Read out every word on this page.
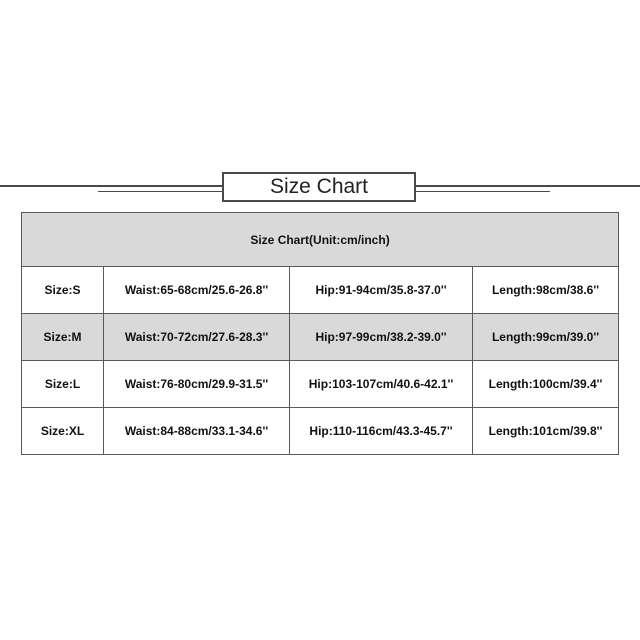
Size Chart
Size Chart(Unit:cm/inch)			
Size:S	Waist:65-68cm/25.6-26.8''	Hip:91-94cm/35.8-37.0''	Length:98cm/38.6''
Size:M	Waist:70-72cm/27.6-28.3''	Hip:97-99cm/38.2-39.0''	Length:99cm/39.0''
Size:L	Waist:76-80cm/29.9-31.5''	Hip:103-107cm/40.6-42.1''	Length:100cm/39.4''
Size:XL	Waist:84-88cm/33.1-34.6''	Hip:110-116cm/43.3-45.7''	Length:101cm/39.8''
